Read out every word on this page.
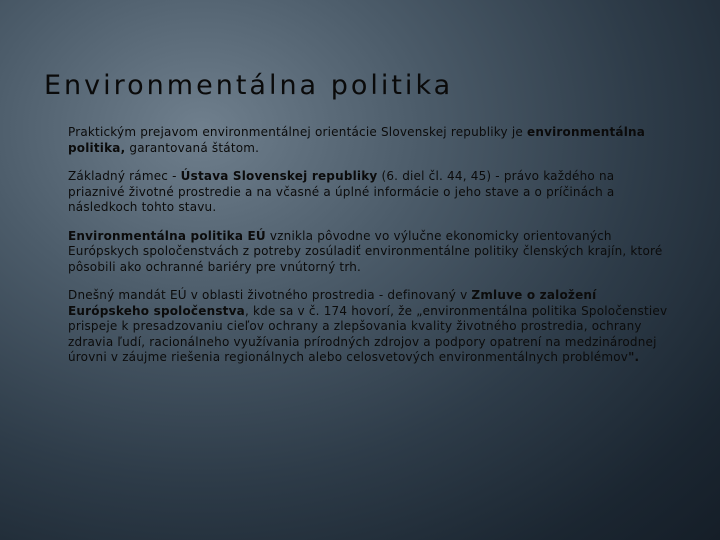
Environmentálna politika

Praktickým prejavom environmentálnej orientácie Slovenskej republiky je environmentálna politika, garantovaná štátom.

Základný rámec - Ústava Slovenskej republiky (6. diel čl. 44, 45) - právo každého na priaznivé životné prostredie a na včasné a úplné informácie o jeho stave a o príčinách a následkoch tohto stavu.

Environmentálna politika EÚ vznikla pôvodne vo výlučne ekonomicky orientovaných Európskych spoločenstvách z potreby zosúladiť environmentálne politiky členských krajín, ktoré pôsobili ako ochranné bariéry pre vnútorný trh.

Dnešný mandát EÚ v oblasti životného prostredia - definovaný v Zmluve o založení Európskeho spoločenstva, kde sa v č. 174 hovorí, že „environmentálna politika Spoločenstiev prispeje k presadzovaniu cieľov ochrany a zlepšovania kvality životného prostredia, ochrany zdravia ľudí, racionálneho využívania prírodných zdrojov a podpory opatrení na medzinárodnej úrovni v záujme riešenia regionálnych alebo celosvetových environmentálnych problémov".
